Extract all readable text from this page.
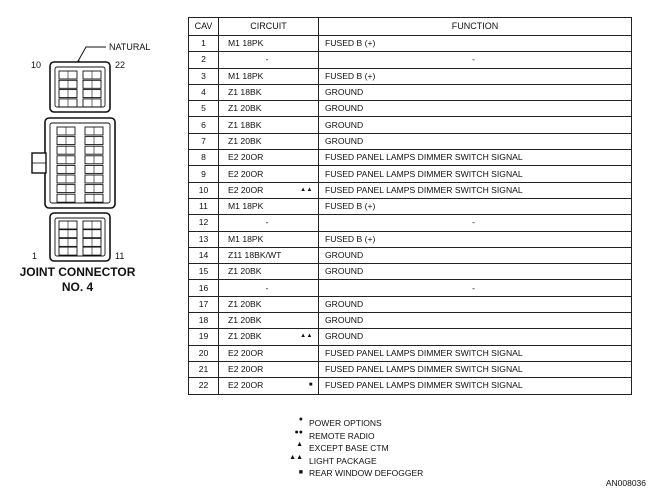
NATURAL
10	22
1	11
JOINT CONNECTOR
NO. 4
CAV	CIRCUIT	FUNCTION
1	M1 18PK	FUSED B (+)
2	-	-
3	M1 18PK	FUSED B (+)
4	Z1 18BK	GROUND
5	Z1 20BK	GROUND
6	Z1 18BK	GROUND
7	Z1 20BK	GROUND
8	E2 20OR	FUSED PANEL LAMPS DIMMER SWITCH SIGNAL
9	E2 20OR	FUSED PANEL LAMPS DIMMER SWITCH SIGNAL
10	E2 20OR ▲▲	FUSED PANEL LAMPS DIMMER SWITCH SIGNAL
11	M1 18PK	FUSED B (+)
12	-	-
13	M1 18PK	FUSED B (+)
14	Z11 18BK/WT	GROUND
15	Z1 20BK	GROUND
16	-	-
17	Z1 20BK	GROUND
18	Z1 20BK	GROUND
19	Z1 20BK ▲▲	GROUND
20	E2 20OR	FUSED PANEL LAMPS DIMMER SWITCH SIGNAL
21	E2 20OR	FUSED PANEL LAMPS DIMMER SWITCH SIGNAL
22	E2 20OR ■	FUSED PANEL LAMPS DIMMER SWITCH SIGNAL
● POWER OPTIONS
●● REMOTE RADIO
▲ EXCEPT BASE CTM
▲▲ LIGHT PACKAGE
■ REAR WINDOW DEFOGGER
AN008036
